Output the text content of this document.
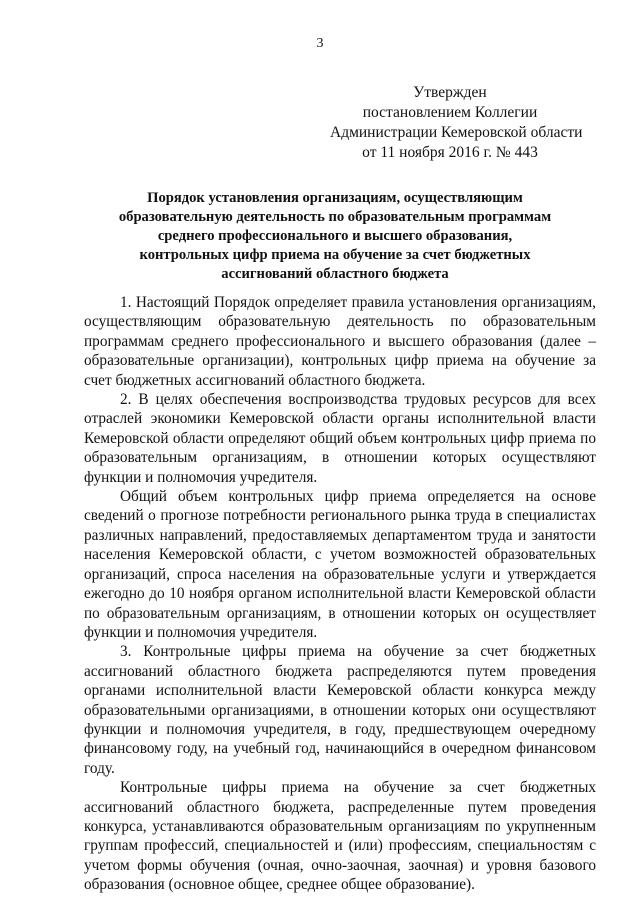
3
Утвержден
постановлением Коллегии
Администрации Кемеровской области
от 11 ноября 2016 г. № 443
Порядок установления организациям, осуществляющим
образовательную деятельность по образовательным программам
среднего профессионального и высшего образования,
контрольных цифр приема на обучение за счет бюджетных
ассигнований областного бюджета

1. Настоящий Порядок определяет правила установления организациям, осуществляющим образовательную деятельность по образовательным программам среднего профессионального и высшего образования (далее – образовательные организации), контрольных цифр приема на обучение за счет бюджетных ассигнований областного бюджета.

2. В целях обеспечения воспроизводства трудовых ресурсов для всех отраслей экономики Кемеровской области органы исполнительной власти Кемеровской области определяют общий объем контрольных цифр приема по образовательным организациям, в отношении которых осуществляют функции и полномочия учредителя.

Общий объем контрольных цифр приема определяется на основе сведений о прогнозе потребности регионального рынка труда в специалистах различных направлений, предоставляемых департаментом труда и занятости населения Кемеровской области, с учетом возможностей образовательных организаций, спроса населения на образовательные услуги и утверждается ежегодно до 10 ноября органом исполнительной власти Кемеровской области по образовательным организациям, в отношении которых он осуществляет функции и полномочия учредителя.

3. Контрольные цифры приема на обучение за счет бюджетных ассигнований областного бюджета распределяются путем проведения органами исполнительной власти Кемеровской области конкурса между образовательными организациями, в отношении которых они осуществляют функции и полномочия учредителя, в году, предшествующем очередному финансовому году, на учебный год, начинающийся в очередном финансовом году.

Контрольные цифры приема на обучение за счет бюджетных ассигнований областного бюджета, распределенные путем проведения конкурса, устанавливаются образовательным организациям по укрупненным группам профессий, специальностей и (или) профессиям, специальностям с учетом формы обучения (очная, очно-заочная, заочная) и уровня базового образования (основное общее, среднее общее образование).
